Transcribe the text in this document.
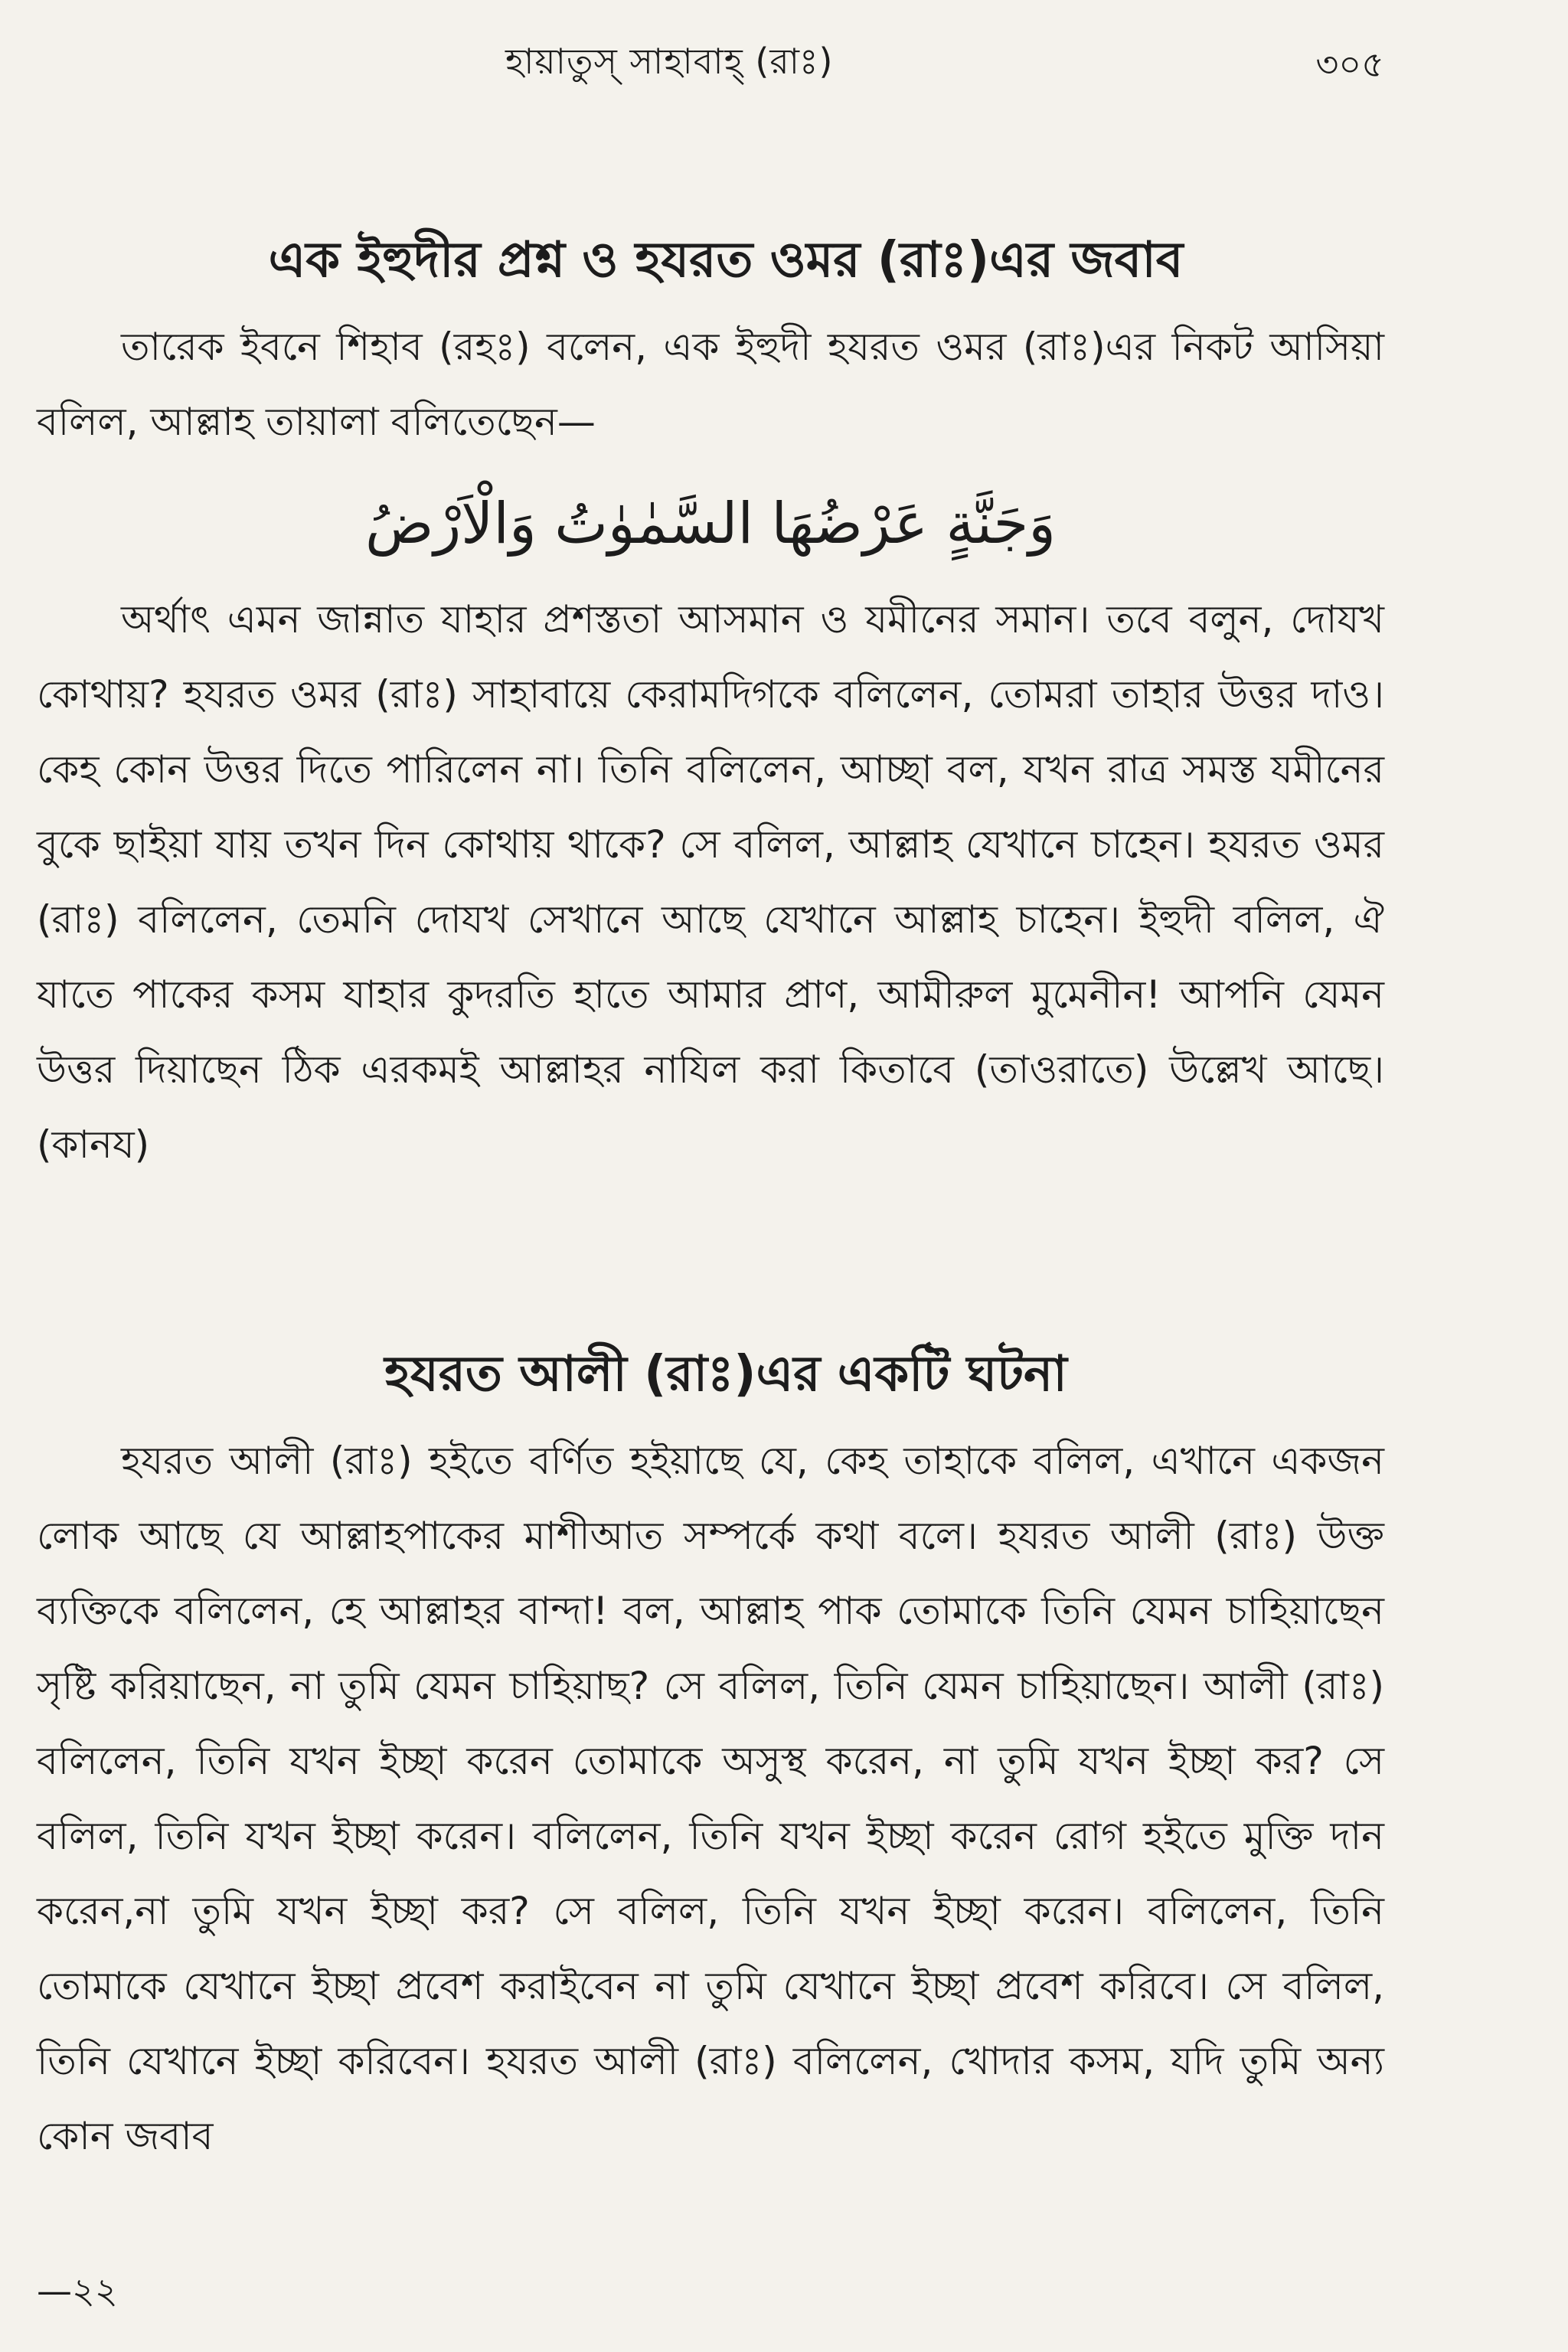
হায়াতুস্ সাহাবাহ্ (রাঃ)	৩০৫
এক ইহুদীর প্রশ্ন ও হযরত ওমর (রাঃ)এর জবাব

তারেক ইবনে শিহাব (রহঃ) বলেন, এক ইহুদী হযরত ওমর (রাঃ)এর নিকট আসিয়া বলিল, আল্লাহ তায়ালা বলিতেছেন—

وَجَنَّةٍ عَرْضُهَا السَّمٰوٰتُ وَالْاَرْضُ

অর্থাৎ এমন জান্নাত যাহার প্রশস্ততা আসমান ও যমীনের সমান। তবে বলুন, দোযখ কোথায়? হযরত ওমর (রাঃ) সাহাবায়ে কেরামদিগকে বলিলেন, তোমরা তাহার উত্তর দাও। কেহ কোন উত্তর দিতে পারিলেন না। তিনি বলিলেন, আচ্ছা বল, যখন রাত্র সমস্ত যমীনের বুকে ছাইয়া যায় তখন দিন কোথায় থাকে? সে বলিল, আল্লাহ যেখানে চাহেন। হযরত ওমর (রাঃ) বলিলেন, তেমনি দোযখ সেখানে আছে যেখানে আল্লাহ চাহেন। ইহুদী বলিল, ঐ যাতে পাকের কসম যাহার কুদরতি হাতে আমার প্রাণ, আমীরুল মুমেনীন! আপনি যেমন উত্তর দিয়াছেন ঠিক এরকমই আল্লাহর নাযিল করা কিতাবে (তাওরাতে) উল্লেখ আছে। (কানয)

হযরত আলী (রাঃ)এর একটি ঘটনা

হযরত আলী (রাঃ) হইতে বর্ণিত হইয়াছে যে, কেহ তাহাকে বলিল, এখানে একজন লোক আছে যে আল্লাহপাকের মাশীআত সম্পর্কে কথা বলে। হযরত আলী (রাঃ) উক্ত ব্যক্তিকে বলিলেন, হে আল্লাহর বান্দা! বল, আল্লাহ পাক তোমাকে তিনি যেমন চাহিয়াছেন সৃষ্টি করিয়াছেন, না তুমি যেমন চাহিয়াছ? সে বলিল, তিনি যেমন চাহিয়াছেন। আলী (রাঃ) বলিলেন, তিনি যখন ইচ্ছা করেন তোমাকে অসুস্থ করেন, না তুমি যখন ইচ্ছা কর? সে বলিল, তিনি যখন ইচ্ছা করেন। বলিলেন, তিনি যখন ইচ্ছা করেন রোগ হইতে মুক্তি দান করেন,না তুমি যখন ইচ্ছা কর? সে বলিল, তিনি যখন ইচ্ছা করেন। বলিলেন, তিনি তোমাকে যেখানে ইচ্ছা প্রবেশ করাইবেন না তুমি যেখানে ইচ্ছা প্রবেশ করিবে। সে বলিল, তিনি যেখানে ইচ্ছা করিবেন। হযরত আলী (রাঃ) বলিলেন, খোদার কসম, যদি তুমি অন্য কোন জবাব

—২২
